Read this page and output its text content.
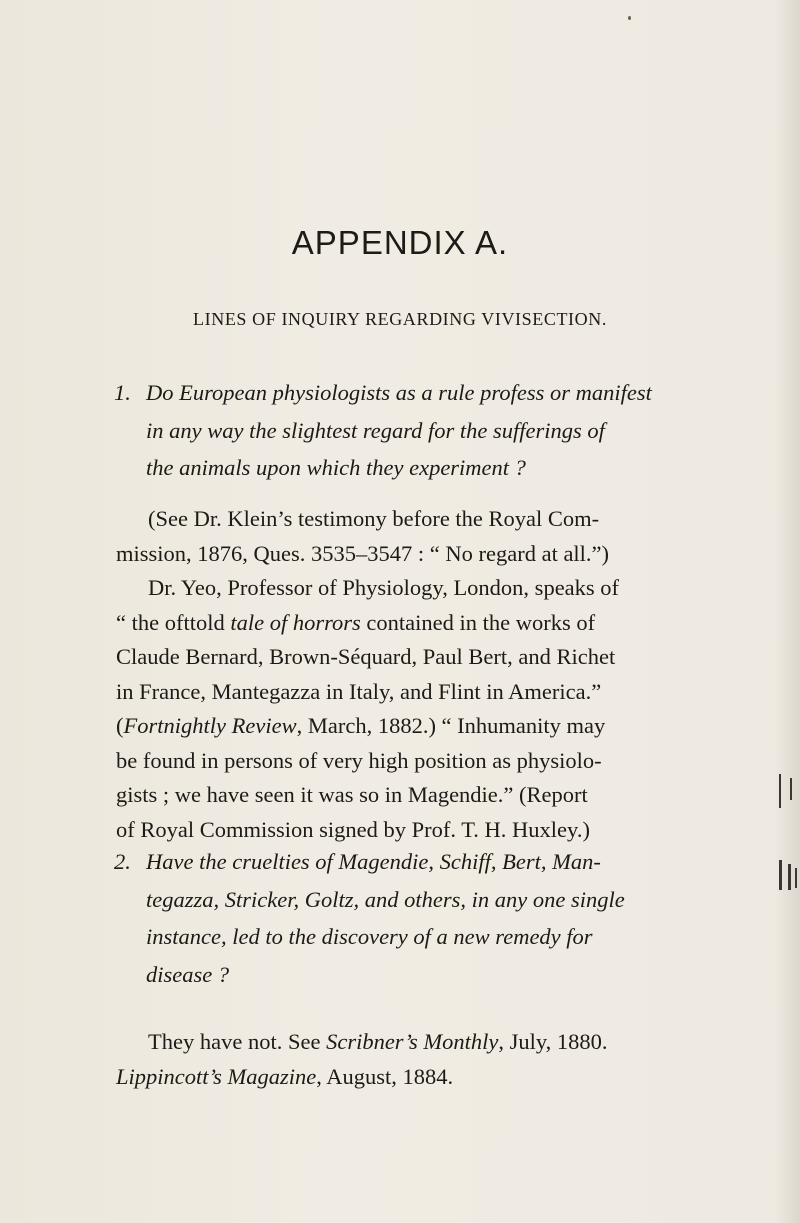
APPENDIX A.
LINES OF INQUIRY REGARDING VIVISECTION.
1. Do European physiologists as a rule profess or manifest
in any way the slightest regard for the sufferings of
the animals upon which they experiment ?
(See Dr. Klein’s testimony before the Royal Com-
mission, 1876, Ques. 3535–3547 : “ No regard at all.”)
Dr. Yeo, Professor of Physiology, London, speaks of
“ the ofttold tale of horrors contained in the works of
Claude Bernard, Brown-Séquard, Paul Bert, and Richet
in France, Mantegazza in Italy, and Flint in America.”
(Fortnightly Review, March, 1882.) “ Inhumanity may
be found in persons of very high position as physiolo-
gists ; we have seen it was so in Magendie.” (Report
of Royal Commission signed by Prof. T. H. Huxley.)
2. Have the cruelties of Magendie, Schiff, Bert, Man-
tegazza, Stricker, Goltz, and others, in any one single
instance, led to the discovery of a new remedy for
disease ?
They have not. See Scribner’s Monthly, July, 1880.
Lippincott’s Magazine, August, 1884.
